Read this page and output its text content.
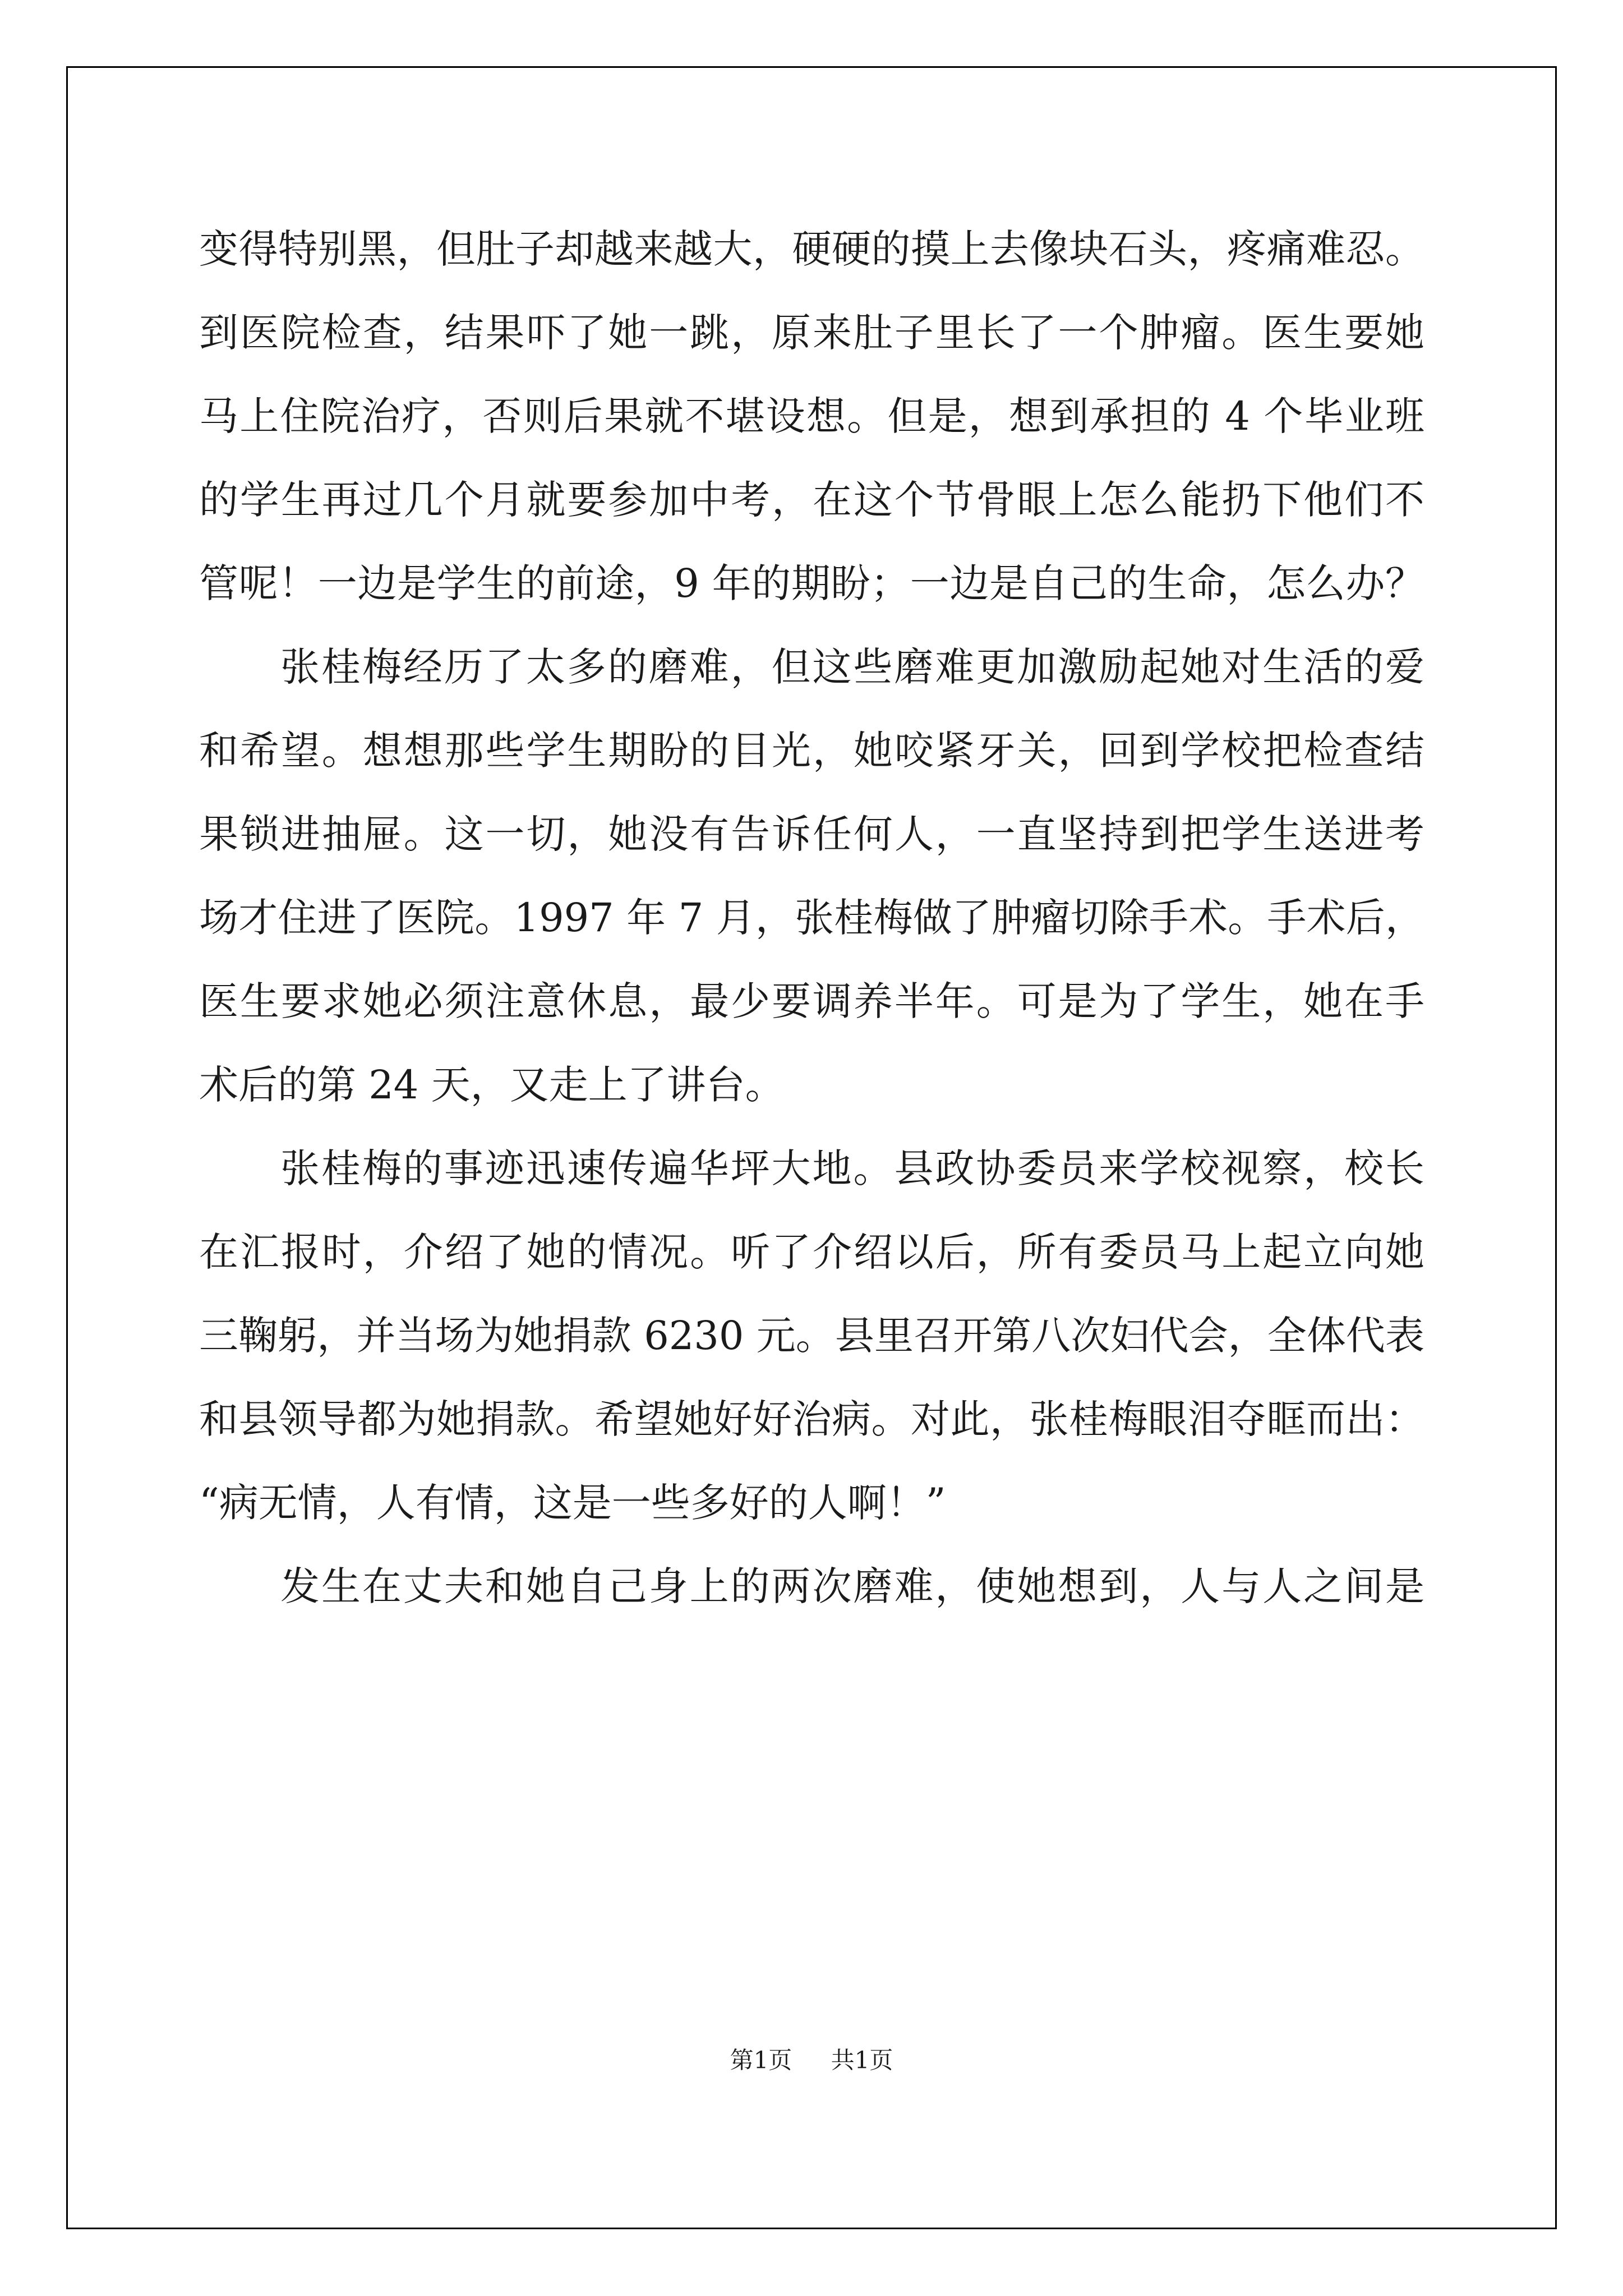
变得特别黑，但肚子却越来越大，硬硬的摸上去像块石头，疼痛难忍。
到医院检查，结果吓了她一跳，原来肚子里长了一个肿瘤。医生要她
马上住院治疗，否则后果就不堪设想。但是，想到承担的 4 个毕业班
的学生再过几个月就要参加中考，在这个节骨眼上怎么能扔下他们不
管呢！一边是学生的前途，9 年的期盼；一边是自己的生命，怎么办？
张桂梅经历了太多的磨难，但这些磨难更加激励起她对生活的爱
和希望。想想那些学生期盼的目光，她咬紧牙关，回到学校把检查结
果锁进抽屉。这一切，她没有告诉任何人，一直坚持到把学生送进考
场才住进了医院。1997 年 7 月，张桂梅做了肿瘤切除手术。手术后，
医生要求她必须注意休息，最少要调养半年。可是为了学生，她在手
术后的第 24 天，又走上了讲台。
张桂梅的事迹迅速传遍华坪大地。县政协委员来学校视察，校长
在汇报时，介绍了她的情况。听了介绍以后，所有委员马上起立向她
三鞠躬，并当场为她捐款 6230 元。县里召开第八次妇代会，全体代表
和县领导都为她捐款。希望她好好治病。对此，张桂梅眼泪夺眶而出：
“病无情，人有情，这是一些多好的人啊！”
发生在丈夫和她自己身上的两次磨难，使她想到，人与人之间是
第1页 共1页
